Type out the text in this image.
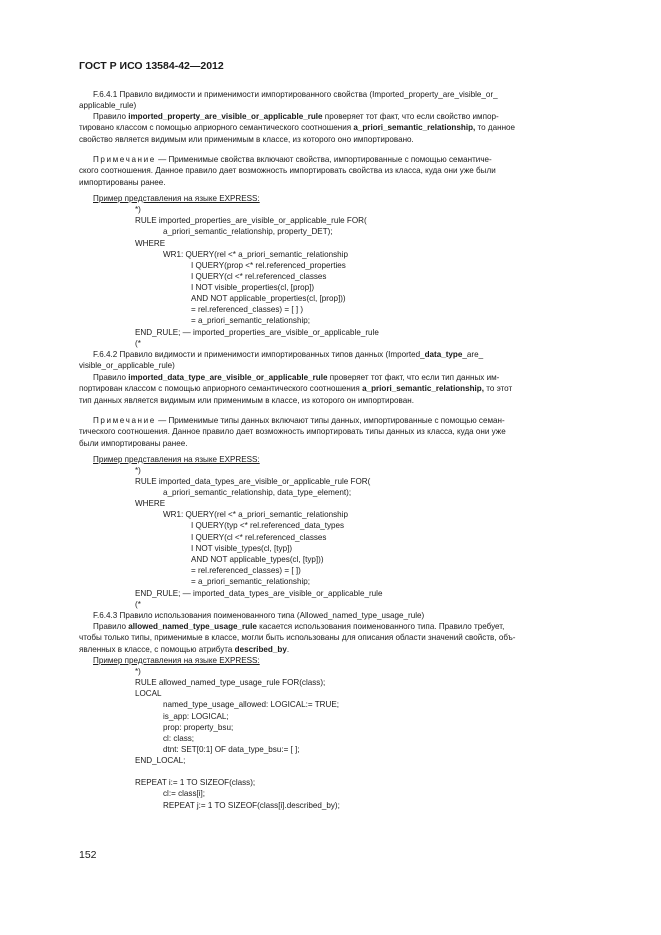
ГОСТ Р ИСО 13584-42—2012
F.6.4.1 Правило видимости и применимости импортированного свойства (Imported_property_are_visible_or_
applicable_rule)
Правило imported_property_are_visible_or_applicable_rule проверяет тот факт, что если свойство импор-
тировано классом с помощью априорного семантического соотношения a_priori_semantic_relationship, то данное
свойство является видимым или применимым в классе, из которого оно импортировано.
Примечание — Применимые свойства включают свойства, импортированные с помощью семантиче-
ского соотношения. Данное правило дает возможность импортировать свойства из класса, куда они уже были
импортированы ранее.
Пример представления на языке EXPRESS:
*)
RULE imported_properties_are_visible_or_applicable_rule FOR(
a_priori_semantic_relationship, property_DET);
WHERE
WR1: QUERY(rel <* a_priori_semantic_relationship
I QUERY(prop <* rel.referenced_properties
I QUERY(cl <* rel.referenced_classes
I NOT visible_properties(cl, [prop])
AND NOT applicable_properties(cl, [prop]))
= rel.referenced_classes) = [ ] )
= a_priori_semantic_relationship;
END_RULE; — imported_properties_are_visible_or_applicable_rule
(*
F.6.4.2 Правило видимости и применимости импортированных типов данных (Imported_data_type_are_
visible_or_applicable_rule)
Правило imported_data_type_are_visible_or_applicable_rule проверяет тот факт, что если тип данных им-
портирован классом с помощью априорного семантического соотношения a_priori_semantic_relationship, то этот
тип данных является видимым или применимым в классе, из которого он импортирован.
Примечание — Применимые типы данных включают типы данных, импортированные с помощью семан-
тического соотношения. Данное правило дает возможность импортировать типы данных из класса, куда они уже
были импортированы ранее.
Пример представления на языке EXPRESS:
*)
RULE imported_data_types_are_visible_or_applicable_rule FOR(
a_priori_semantic_relationship, data_type_element);
WHERE
WR1: QUERY(rel <* a_priori_semantic_relationship
I QUERY(typ <* rel.referenced_data_types
I QUERY(cl <* rel.referenced_classes
I NOT visible_types(cl, [typ])
AND NOT applicable_types(cl, [typ]))
= rel.referenced_classes) = [ ])
= a_priori_semantic_relationship;
END_RULE; — imported_data_types_are_visible_or_applicable_rule
(*
F.6.4.3 Правило использования поименованного типа (Allowed_named_type_usage_rule)
Правило allowed_named_type_usage_rule касается использования поименованного типа. Правило требует,
чтобы только типы, применимые в классе, могли быть использованы для описания области значений свойств, объ-
явленных в классе, с помощью атрибута described_by.
Пример представления на языке EXPRESS:
*)
RULE allowed_named_type_usage_rule FOR(class);
LOCAL
named_type_usage_allowed: LOGICAL:= TRUE;
is_app: LOGICAL;
prop: property_bsu;
cl: class;
dtnt: SET[0:1] OF data_type_bsu:= [ ];
END_LOCAL;
REPEAT i:= 1 TO SIZEOF(class);
cl:= class[i];
REPEAT j:= 1 TO SIZEOF(class[i].described_by);
152
